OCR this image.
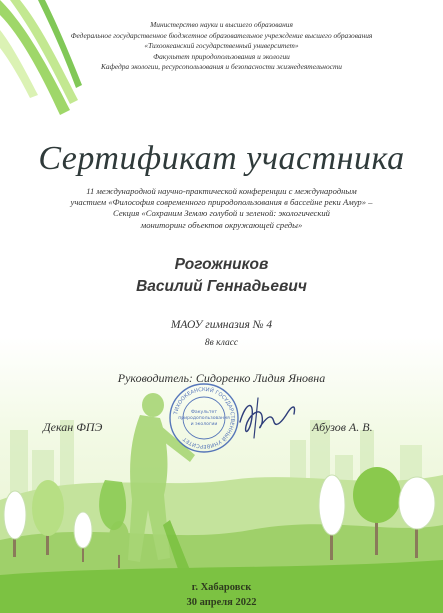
Министерство науки и высшего образования
Федеральное государственное бюджетное образовательное учреждение высшего образования
«Тихоокеанский государственный университет»
Факультет природопользования и экологии
Кафедра экологии, ресурсопользования и безопасности жизнедеятельности
Сертификат участника
11 международной научно-практической конференции с международным
участием «Философия современного природопользования в бассейне реки Амур» –
Секция «Сохраним Землю голубой и зеленой: экологический
мониторинг объектов окружающей среды»
Рогожников
Василий Геннадьевич
МАОУ гимназия № 4
8в класс
Руководитель: Сидоренко Лидия Яновна
Декан ФПЭ	Абузов А. В.
ТИХООКЕАНСКИЙ ГОСУДАРСТВЕННЫЙ УНИВЕРСИТЕТ
Факультет
природопользования
и экологии
г. Хабаровск
30 апреля 2022
